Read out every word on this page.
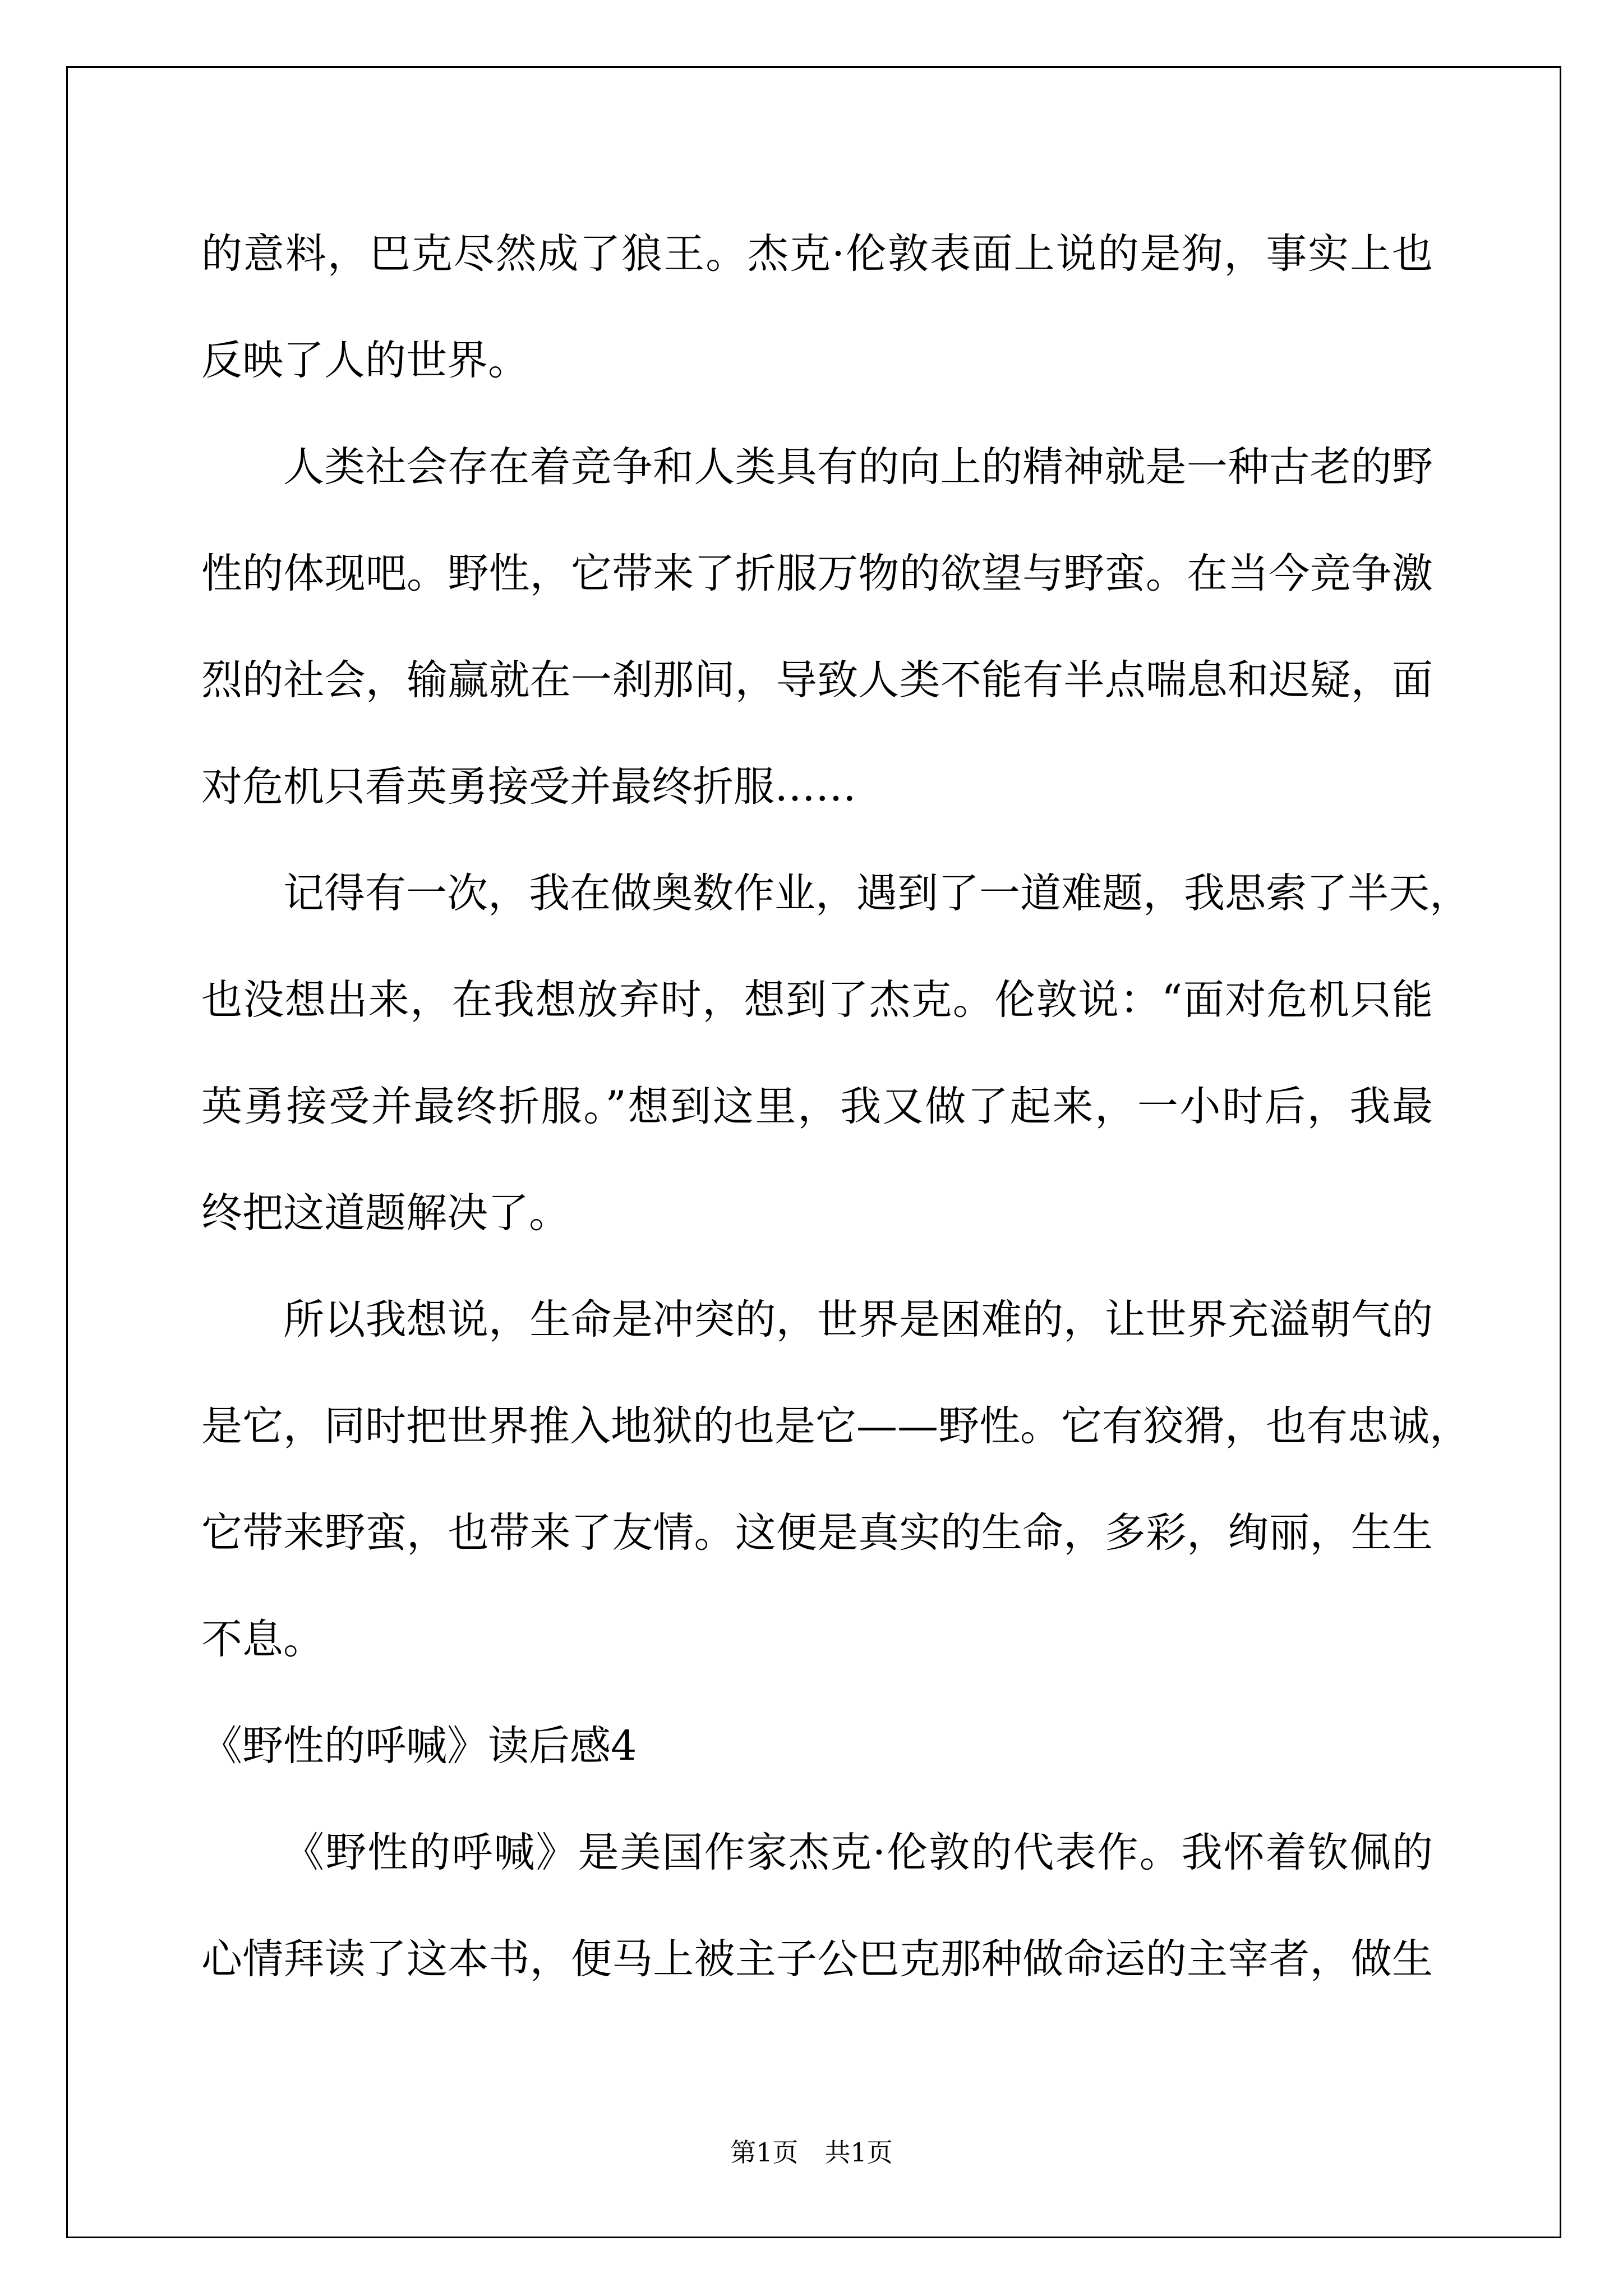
的意料，巴克尽然成了狼王。杰克·伦敦表面上说的是狗，事实上也
反映了人的世界。
人类社会存在着竞争和人类具有的向上的精神就是一种古老的野
性的体现吧。野性，它带来了折服万物的欲望与野蛮。在当今竞争激
烈的社会，输赢就在一刹那间，导致人类不能有半点喘息和迟疑，面
对危机只看英勇接受并最终折服……
记得有一次，我在做奥数作业，遇到了一道难题，我思索了半天，
也没想出来，在我想放弃时，想到了杰克。伦敦说：“面对危机只能
英勇接受并最终折服。”想到这里，我又做了起来，一小时后，我最
终把这道题解决了。
所以我想说，生命是冲突的，世界是困难的，让世界充溢朝气的
是它，同时把世界推入地狱的也是它——野性。它有狡猾，也有忠诚，
它带来野蛮，也带来了友情。这便是真实的生命，多彩，绚丽，生生
不息。
《野性的呼喊》读后感4
《野性的呼喊》是美国作家杰克·伦敦的代表作。我怀着钦佩的
心情拜读了这本书，便马上被主子公巴克那种做命运的主宰者，做生
第1页 共1页
